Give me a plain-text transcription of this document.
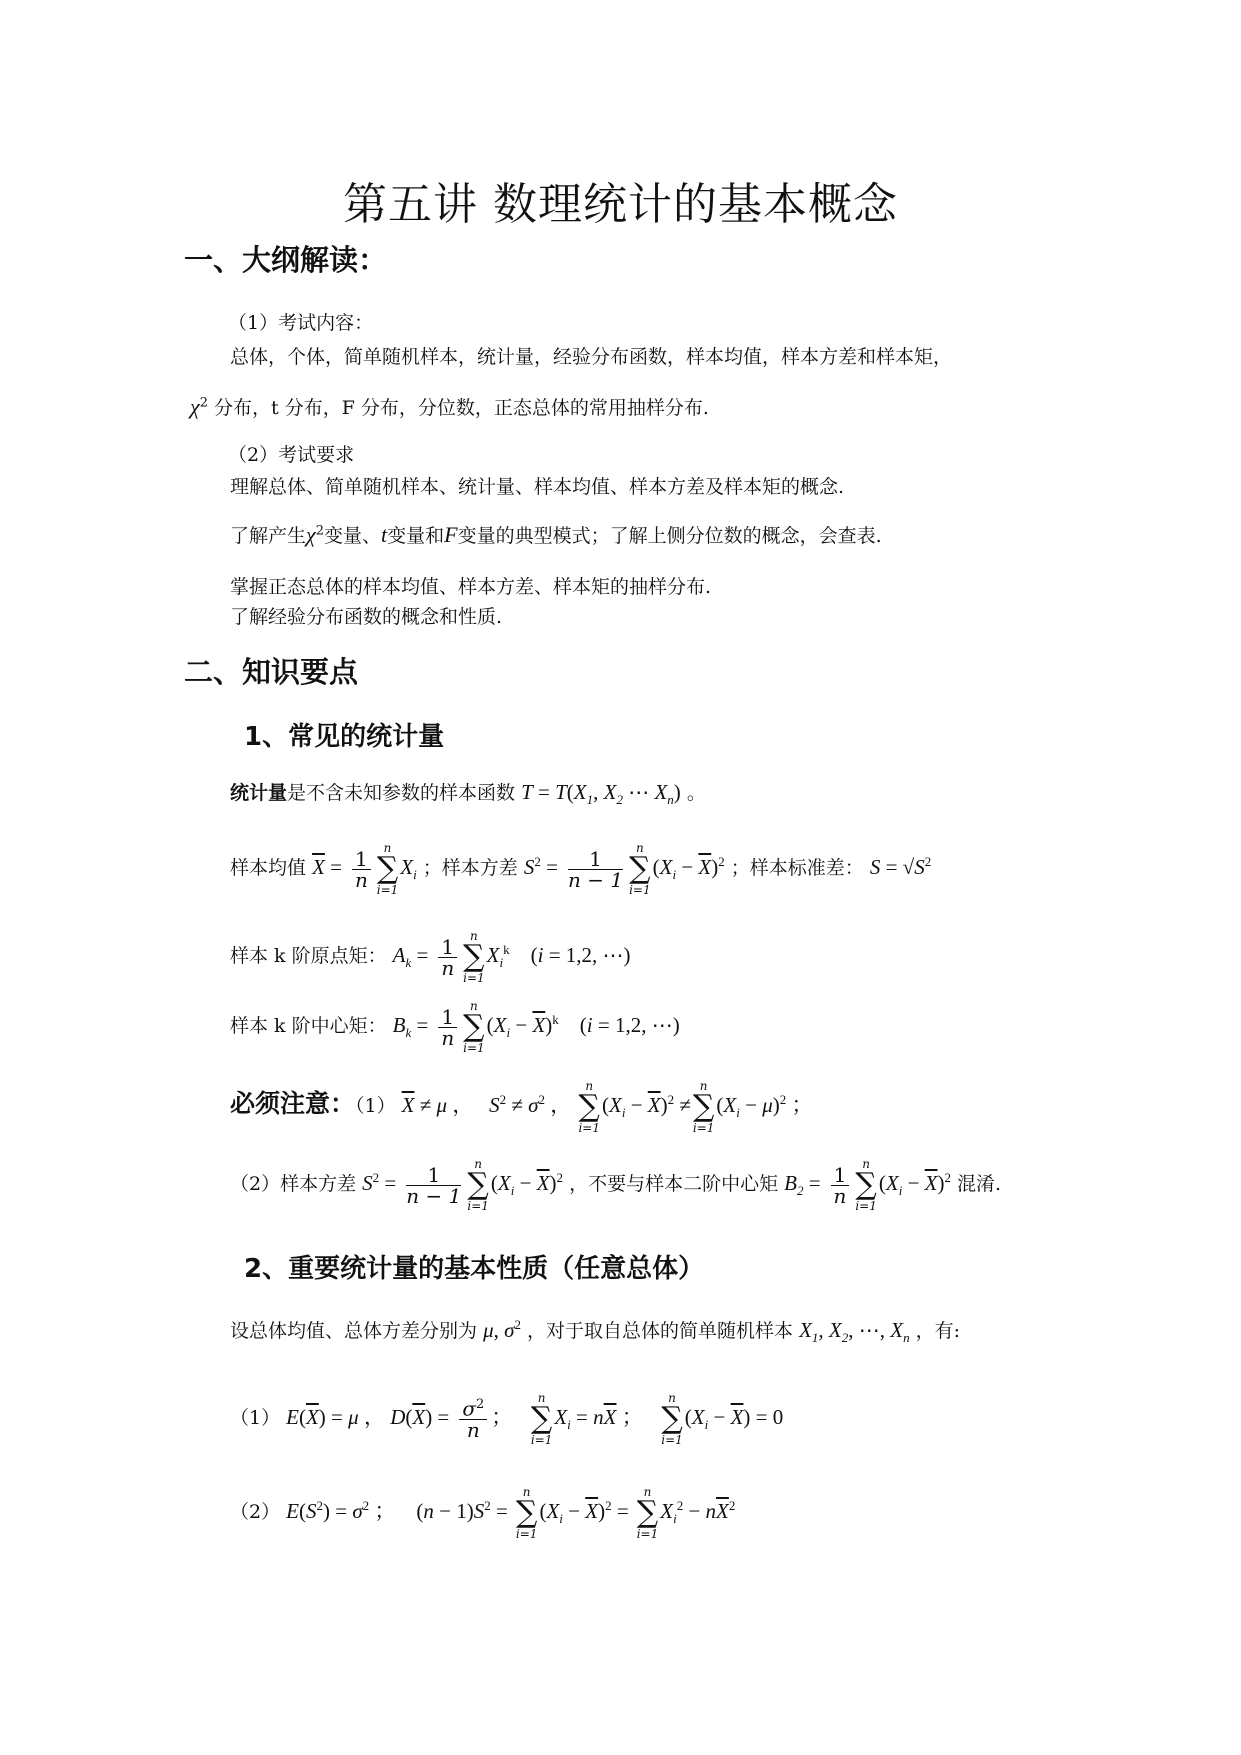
第五讲 数理统计的基本概念
一、大纲解读：
（1）考试内容：
总体，个体，简单随机样本，统计量，经验分布函数，样本均值，样本方差和样本矩，
$\chi^2$ 分布，t 分布，F 分布，分位数，正态总体的常用抽样分布.
（2）考试要求
理解总体、简单随机样本、统计量、样本均值、样本方差及样本矩的概念.
了解产生$\chi^2$变量、t变量和F变量的典型模式；了解上侧分位数的概念，会查表.
掌握正态总体的样本均值、样本方差、样本矩的抽样分布.
了解经验分布函数的概念和性质.
二、知识要点
1、常见的统计量
统计量是不含未知参数的样本函数 $T = T(X_1$, $X_2$ ⋯ $X_n$) 。
样本均值 $\overline{X} = \frac{1}{n}$
n
∑
i=1
$X_i$ ；样本方差 $S^2 = \frac{1}{n - 1}$
n
∑
i=1
$(X_i - \overline{X})^2$ ；样本标准差： $S = √S^2$
样本 k 阶原点矩： $A_k = \frac{1}{n}$
n
∑
i=1
$X_i^k$    (i = 1,2, ⋯)
样本 k 阶中心矩： $B_k = \frac{1}{n}$
n
∑
i=1
$(X_i - \overline{X})^k$    (i = 1,2, ⋯)
必须注意：（1） $\overline{X} \ne \mu$ ，   $S^2 \ne \sigma^2$ ，
n
∑
i=1
$(X_i - \overline{X})^2$ ≠
n
∑
i=1
$(X_i - \mu)^2$ ；
（2）样本方差 $S^2 = \frac{1}{n - 1}$
n
∑
i=1
$(X_i - \overline{X})^2$ ，不要与样本二阶中心矩 $B_2 = \frac{1}{n}$
n
∑
i=1
$(X_i - \overline{X})^2$ 混淆.
2、重要统计量的基本性质（任意总体）
设总体均值、总体方差分别为 μ, $\sigma^2$ ，对于取自总体的简单随机样本 $X_1$, $X_2$, ⋯, $X_n$ ，有:
（1） $E(\overline{X}) = \mu$ ， $D(\overline{X}) = \frac{\sigma^2}{n}$ ；
n
∑
i=1
$X_i = n\overline{X}$ ；
n
∑
i=1
$(X_i - \overline{X}) = 0$
（2） $E(S^2) = \sigma^2$ ；    $(n - 1)S^2$ =
n
∑
i=1
$(X_i - \overline{X})^2$ =
n
∑
i=1
$X_i^2 - n\overline{X}^2$
